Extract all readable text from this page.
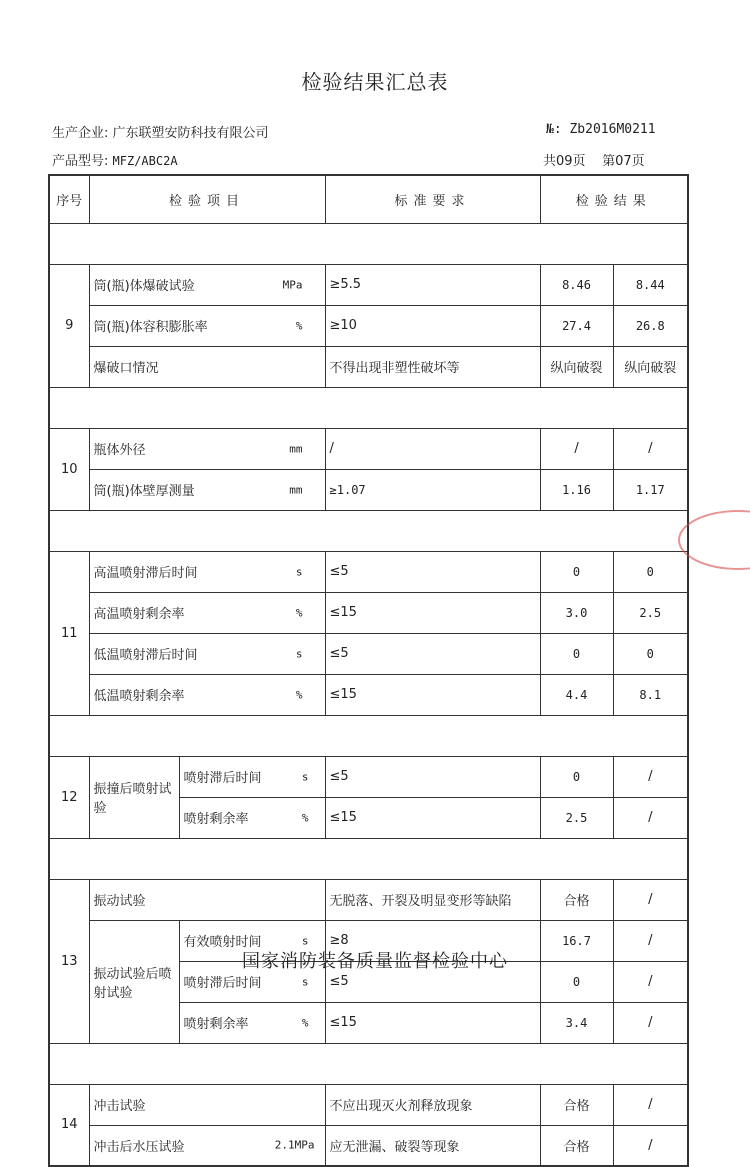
检验结果汇总表
生产企业: 广东联塑安防科技有限公司	№: Zb2016M0211
产品型号: MFZ/ABC2A	共09页    第07页
序号	检验项目		标准要求	检验结果	

9	筒(瓶)体爆破试验 MPa		≥5.5	8.46	8.44
	筒(瓶)体容积膨胀率 %		≥10	27.4	26.8
	爆破口情况		不得出现非塑性破坏等	纵向破裂	纵向破裂

10	瓶体外径 mm		/	/	/
	筒(瓶)体壁厚测量 mm		≥1.07	1.16	1.17

11	高温喷射滞后时间 s		≤5	0	0
	高温喷射剩余率 %		≤15	3.0	2.5
	低温喷射滞后时间 s		≤5	0	0
	低温喷射剩余率 %		≤15	4.4	8.1

12	振撞后喷射试验	喷射滞后时间 s	≤5	0	/
		喷射剩余率 %	≤15	2.5	/

13	振动试验		无脱落、开裂及明显变形等缺陷	合格	/
	振动试验后喷射试验	有效喷射时间 s	≥8	16.7	/
		喷射滞后时间 s	≤5	0	/
		喷射剩余率 %	≤15	3.4	/

14	冲击试验		不应出现灭火剂释放现象	合格	/
	冲击后水压试验 2.1MPa		应无泄漏、破裂等现象	合格	/
国家消防装备质量监督检验中心
